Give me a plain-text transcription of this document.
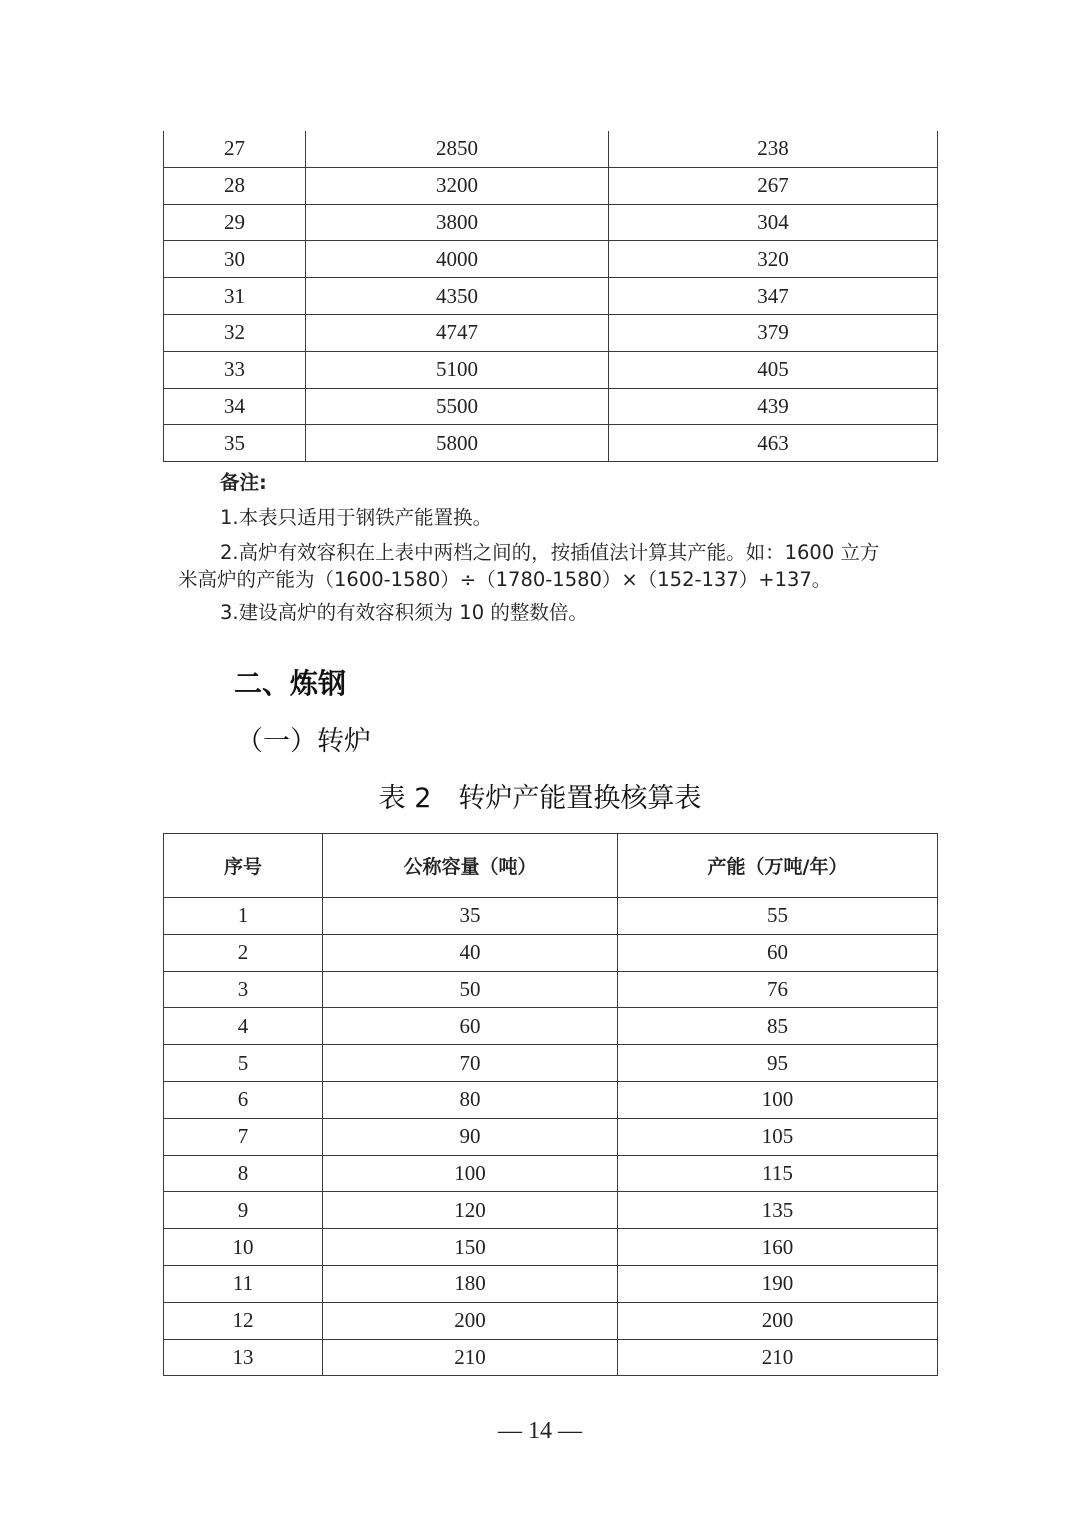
27	2850	238
28	3200	267
29	3800	304
30	4000	320
31	4350	347
32	4747	379
33	5100	405
34	5500	439
35	5800	463
备注:
1.本表只适用于钢铁产能置换。
2.高炉有效容积在上表中两档之间的，按插值法计算其产能。如：1600 立方
米高炉的产能为（1600-1580）÷（1780-1580）×（152-137）+137。
3.建设高炉的有效容积须为 10 的整数倍。
二、炼钢
（一）转炉
表 2　转炉产能置换核算表
序号	公称容量（吨）	产能（万吨/年）
1	35	55
2	40	60
3	50	76
4	60	85
5	70	95
6	80	100
7	90	105
8	100	115
9	120	135
10	150	160
11	180	190
12	200	200
13	210	210
— 14 —
